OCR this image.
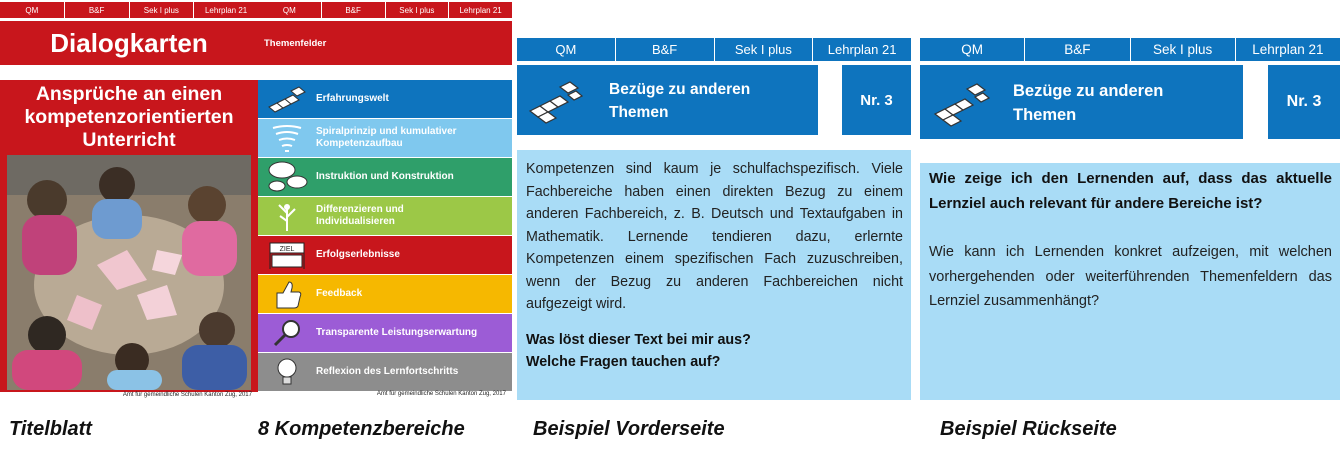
QM	B&F	Sek I plus	Lehrplan 21
Dialogkarten
Ansprüche an einen
kompetenzorientierten
Unterricht
Amt für gemeindliche Schulen Kanton Zug, 2017
QM	B&F	Sek I plus	Lehrplan 21
Themenfelder
Erfahrungswelt
Spiralprinzip und kumulativer Kompetenzaufbau
Instruktion und Konstruktion
Differenzieren und Individualisieren
ZIEL Erfolgserlebnisse
Feedback
Transparente Leistungserwartung
Reflexion des Lernfortschritts
Amt für gemeindliche Schulen Kanton Zug, 2017
QM	B&F	Sek I plus	Lehrplan 21
Bezüge zu anderen
Themen
Nr. 3

Kompetenzen sind kaum je schulfachspezifisch. Viele Fachbereiche haben einen direkten Bezug zu einem anderen Fachbereich, z. B. Deutsch und Textaufgaben in Mathematik. Lernende tendieren dazu, erlernte Kompetenzen einem spezifischen Fach zuzuschreiben, wenn der Bezug zu anderen Fachbereichen nicht aufgezeigt wird.

Was löst dieser Text bei mir aus?

Welche Fragen tauchen auf?

QM	B&F	Sek I plus	Lehrplan 21
Bezüge zu anderen
Themen
Nr. 3

Wie zeige ich den Lernenden auf, dass das aktuelle Lernziel auch relevant für andere Bereiche ist?

Wie kann ich Lernenden konkret aufzeigen, mit welchen vorhergehenden oder weiterführenden Themenfeldern das Lernziel zusammenhängt?

Titelblatt	8 Kompetenzbereiche	Beispiel Vorderseite	Beispiel Rückseite
